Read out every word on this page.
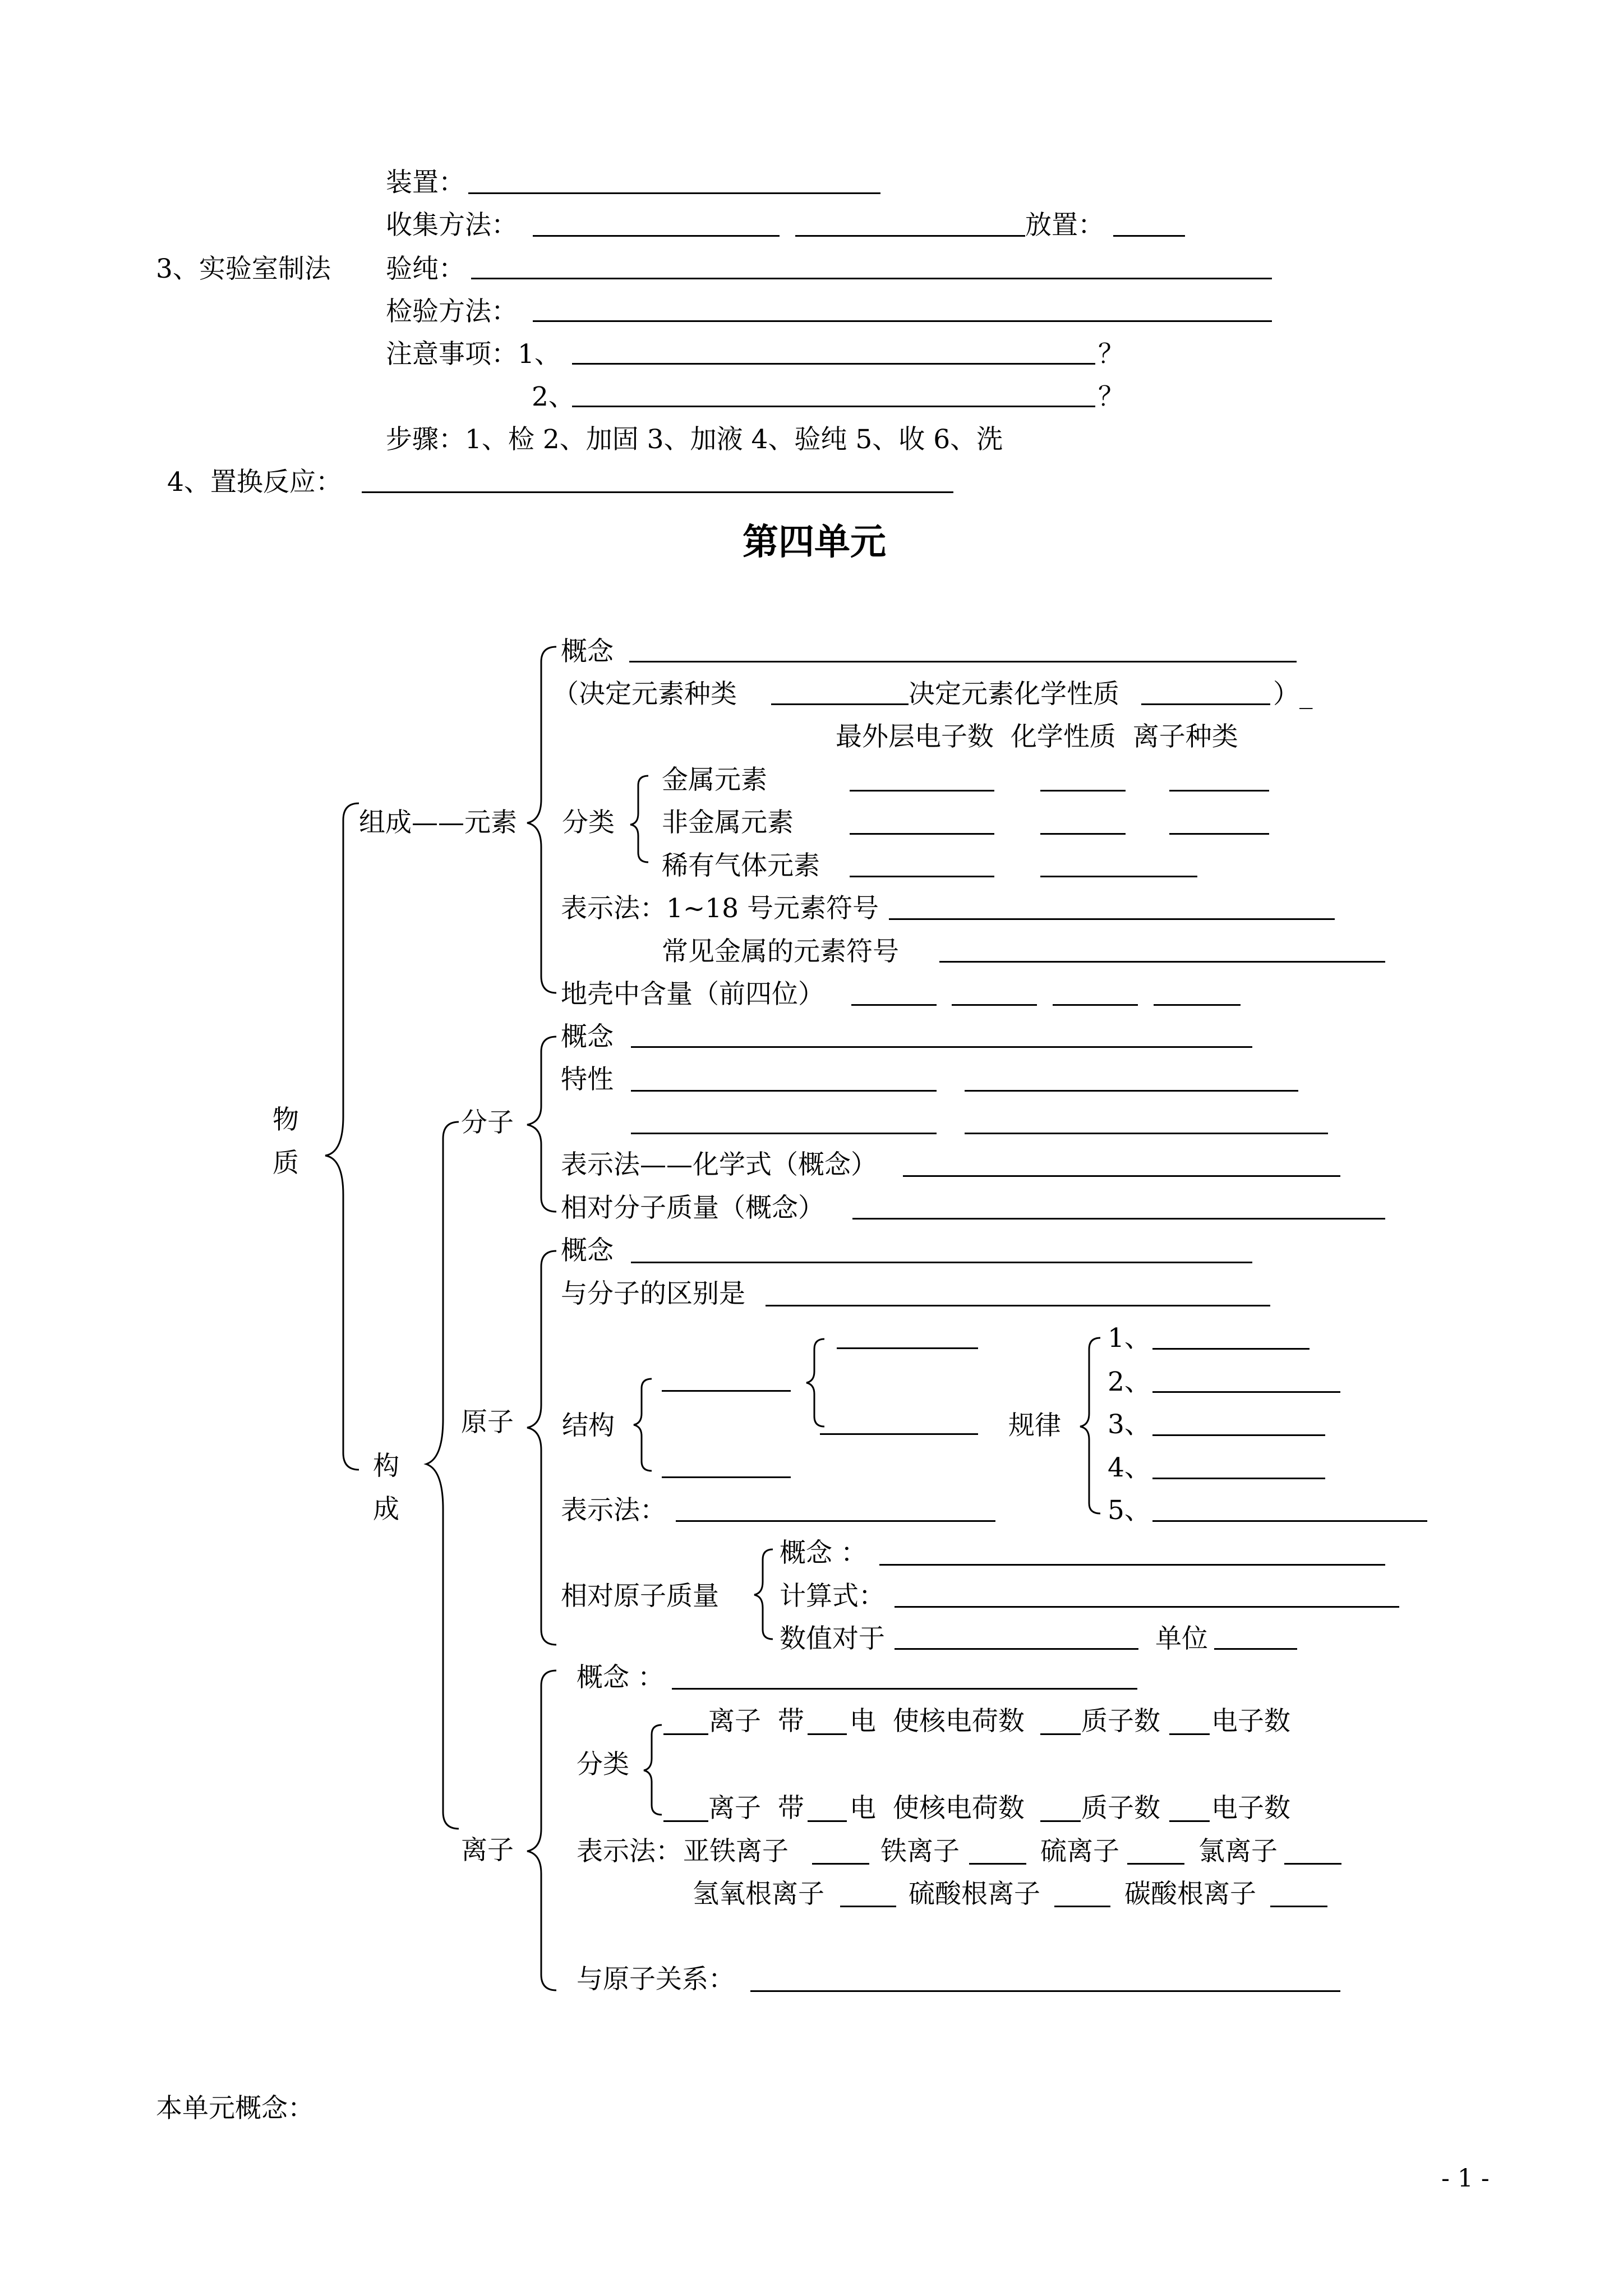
装置：
收集方法：	放置：
3、实验室制法 验纯：
检验方法：
注意事项：1、	？
2、	？
步骤：1、检 2、加固 3、加液 4、验纯 5、收 6、洗
4、置换反应：
第四单元
物
质
组成——元素
构
成
概念
（决定元素种类	决定元素化学性质	）_
最外层电子数  化学性质  离子种类
金属元素
分类 非金属元素
稀有气体元素
表示法：1~18 号元素符号
常见金属的元素符号
地壳中含量（前四位）
分子
概念
特性
表示法——化学式（概念）
相对分子质量（概念）
原子
概念
与分子的区别是
结构	规律
1、
2、
3、
4、
5、
表示法：
概念 ：
相对原子质量 计算式：
数值对于	单位
离子
概念 ：
离子  带 电  使核电荷数 质子数 电子数
分类
离子  带 电  使核电荷数 质子数 电子数
表示法： 亚铁离子	铁离子	硫离子	氯离子
氢氧根离子	硫酸根离子	碳酸根离子
与原子关系：
本单元概念：
- 1 -
